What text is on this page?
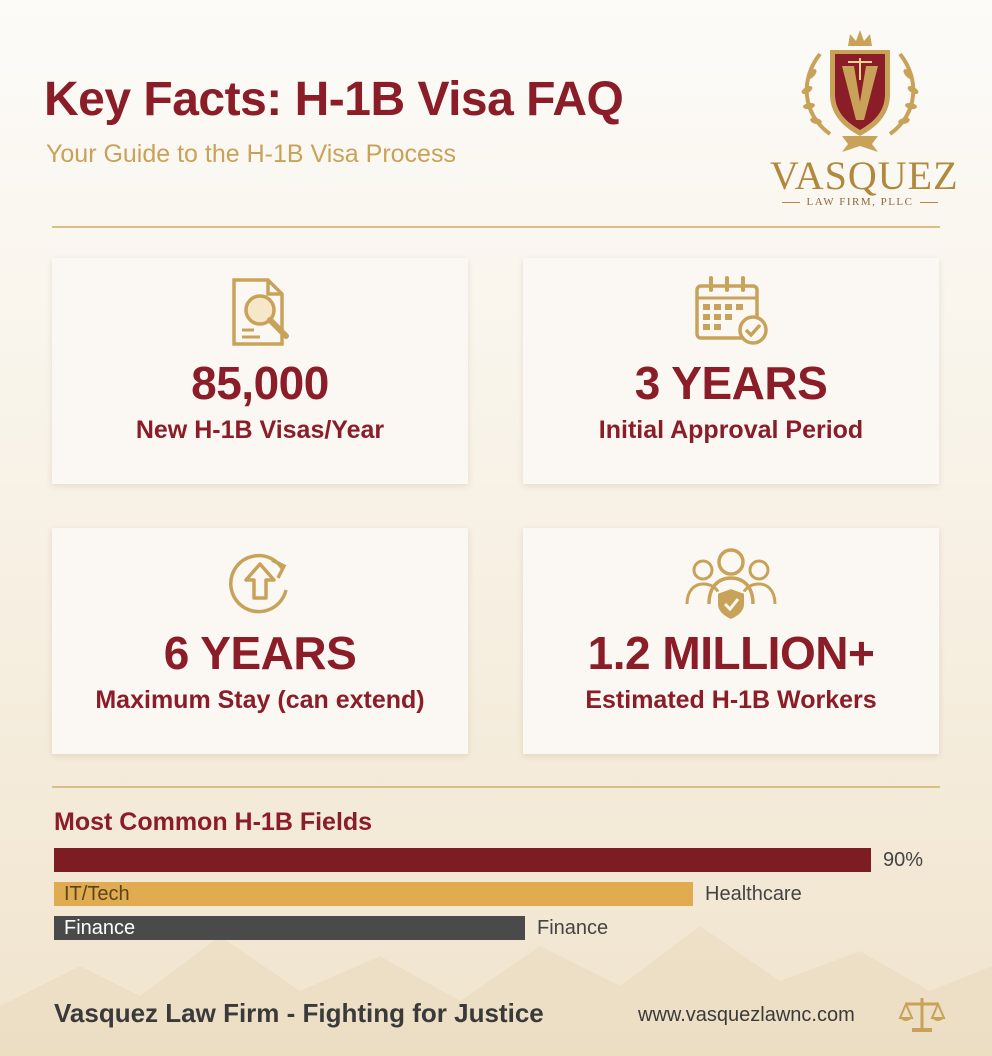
Key Facts: H-1B Visa FAQ
Your Guide to the H-1B Visa Process	VASQUEZ
LAW FIRM, PLLC
85,000
New H-1B Visas/Year
3 YEARS
Initial Approval Period
6 YEARS
Maximum Stay (can extend)
1.2 MILLION+
Estimated H-1B Workers
Most Common H-1B Fields
90%
IT/Tech	Healthcare
Finance	Finance
Vasquez Law Firm - Fighting for Justice	www.vasquezlawnc.com
